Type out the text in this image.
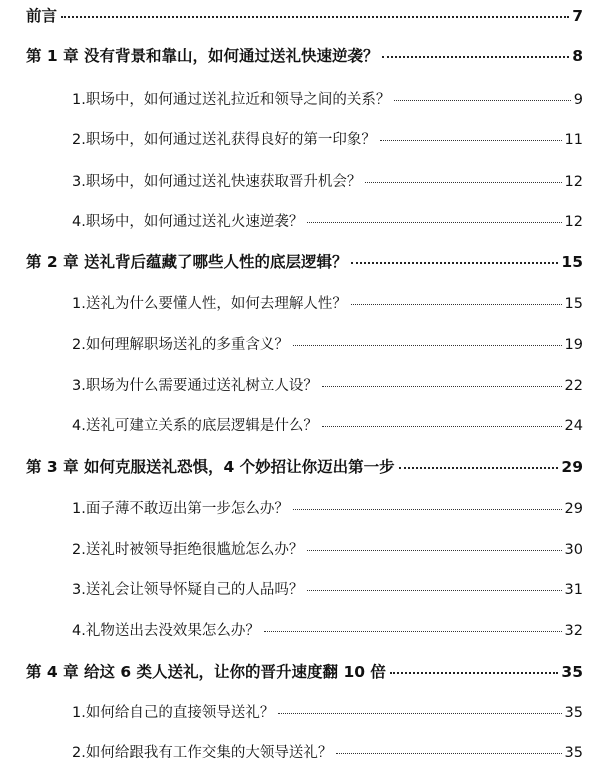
前言	7
第 1 章 没有背景和靠山，如何通过送礼快速逆袭？	8
1.职场中，如何通过送礼拉近和领导之间的关系？	9
2.职场中，如何通过送礼获得良好的第一印象？	11
3.职场中，如何通过送礼快速获取晋升机会？	12
4.职场中，如何通过送礼火速逆袭？	12
第 2 章 送礼背后蕴藏了哪些人性的底层逻辑？	15
1.送礼为什么要懂人性，如何去理解人性？	15
2.如何理解职场送礼的多重含义？	19
3.职场为什么需要通过送礼树立人设？	22
4.送礼可建立关系的底层逻辑是什么？	24
第 3 章 如何克服送礼恐惧，4 个妙招让你迈出第一步	29
1.面子薄不敢迈出第一步怎么办？	29
2.送礼时被领导拒绝很尴尬怎么办？	30
3.送礼会让领导怀疑自己的人品吗？	31
4.礼物送出去没效果怎么办？	32
第 4 章 给这 6 类人送礼，让你的晋升速度翻 10 倍	35
1.如何给自己的直接领导送礼？	35
2.如何给跟我有工作交集的大领导送礼？	35
